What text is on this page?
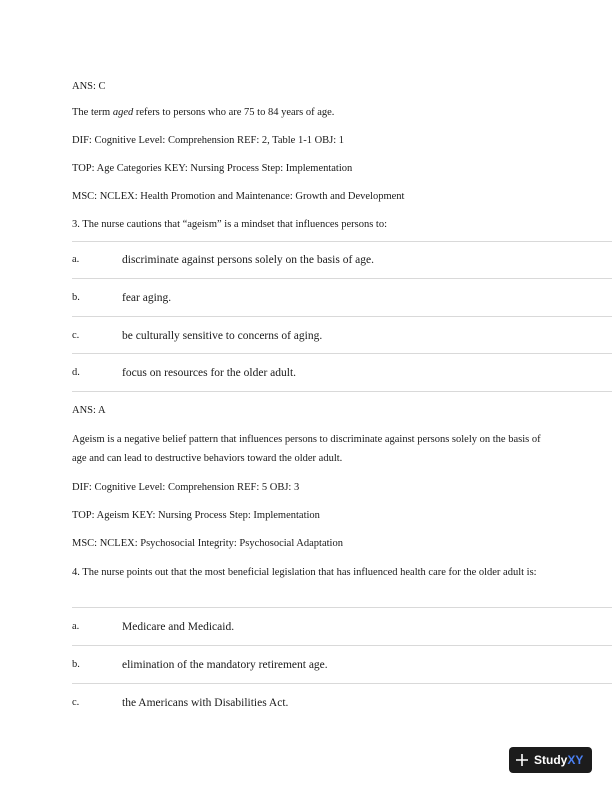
ANS: C
The term aged refers to persons who are 75 to 84 years of age.
DIF: Cognitive Level: Comprehension REF: 2, Table 1-1 OBJ: 1
TOP: Age Categories KEY: Nursing Process Step: Implementation
MSC: NCLEX: Health Promotion and Maintenance: Growth and Development
3. The nurse cautions that “ageism” is a mindset that influences persons to:
a.	discriminate against persons solely on the basis of age.
b.	fear aging.
c.	be culturally sensitive to concerns of aging.
d.	focus on resources for the older adult.
ANS: A
Ageism is a negative belief pattern that influences persons to discriminate against persons solely on the basis of age and can lead to destructive behaviors toward the older adult.
DIF: Cognitive Level: Comprehension REF: 5 OBJ: 3
TOP: Ageism KEY: Nursing Process Step: Implementation
MSC: NCLEX: Psychosocial Integrity: Psychosocial Adaptation
4. The nurse points out that the most beneficial legislation that has influenced health care for the older adult is:
a.	Medicare and Medicaid.
b.	elimination of the mandatory retirement age.
c.	the Americans with Disabilities Act.
Study XY
